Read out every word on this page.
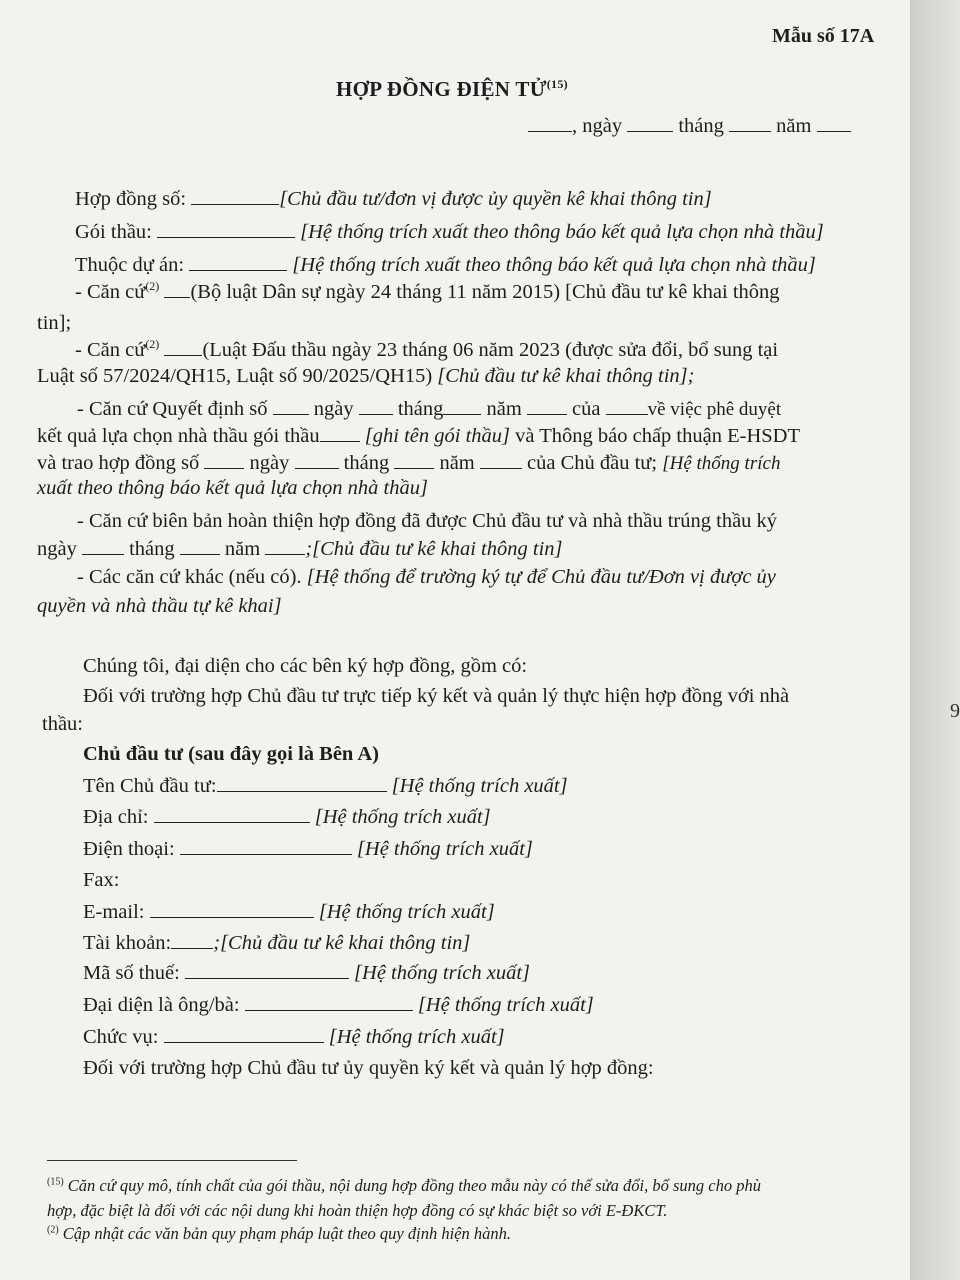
Mẫu số 17A
HỢP ĐỒNG ĐIỆN TỬ$^{(15)}$
, ngày	tháng	năm
Hợp đồng số:	[Chủ đầu tư/đơn vị được ủy quyền kê khai thông tin]
Gói thầu:	[Hệ thống trích xuất theo thông báo kết quả lựa chọn nhà thầu]
Thuộc dự án:	[Hệ thống trích xuất theo thông báo kết quả lựa chọn nhà thầu]
- Căn cứ$^{(2)}$ (Bộ luật Dân sự ngày 24 tháng 11 năm 2015) [Chủ đầu tư kê khai thông
tin];
- Căn cứ$^{(2)}$ (Luật Đấu thầu ngày 23 tháng 06 năm 2023 (được sửa đổi, bổ sung tại
Luật số 57/2024/QH15, Luật số 90/2025/QH15) [Chủ đầu tư kê khai thông tin];
- Căn cứ Quyết định số ngày tháng năm của về việc phê duyệt
kết quả lựa chọn nhà thầu gói thầu [ghi tên gói thầu] và Thông báo chấp thuận E-HSDT
và trao hợp đồng số ngày	tháng năm	của Chủ đầu tư; [Hệ thống trích
xuất theo thông báo kết quả lựa chọn nhà thầu]
- Căn cứ biên bản hoàn thiện hợp đồng đã được Chủ đầu tư và nhà thầu trúng thầu ký
ngày	tháng năm ;[Chủ đầu tư kê khai thông tin]
- Các căn cứ khác (nếu có). [Hệ thống để trường ký tự để Chủ đầu tư/Đơn vị được ủy
quyền và nhà thầu tự kê khai]
Chúng tôi, đại diện cho các bên ký hợp đồng, gồm có:
Đối với trường hợp Chủ đầu tư trực tiếp ký kết và quản lý thực hiện hợp đồng với nhà
thầu:
Chủ đầu tư (sau đây gọi là Bên A)
Tên Chủ đầu tư:	[Hệ thống trích xuất]
Địa chỉ:	[Hệ thống trích xuất]
Điện thoại:	[Hệ thống trích xuất]
Fax:
E-mail:	[Hệ thống trích xuất]
Tài khoản: ;[Chủ đầu tư kê khai thông tin]
Mã số thuế:	[Hệ thống trích xuất]
Đại diện là ông/bà:	[Hệ thống trích xuất]
Chức vụ:	[Hệ thống trích xuất]
Đối với trường hợp Chủ đầu tư ủy quyền ký kết và quản lý hợp đồng:
$^{(15)}$ Căn cứ quy mô, tính chất của gói thầu, nội dung hợp đồng theo mẫu này có thể sửa đổi, bổ sung cho phù
hợp, đặc biệt là đối với các nội dung khi hoàn thiện hợp đồng có sự khác biệt so với E-ĐKCT.
$^{(2)}$ Cập nhật các văn bản quy phạm pháp luật theo quy định hiện hành.
9
